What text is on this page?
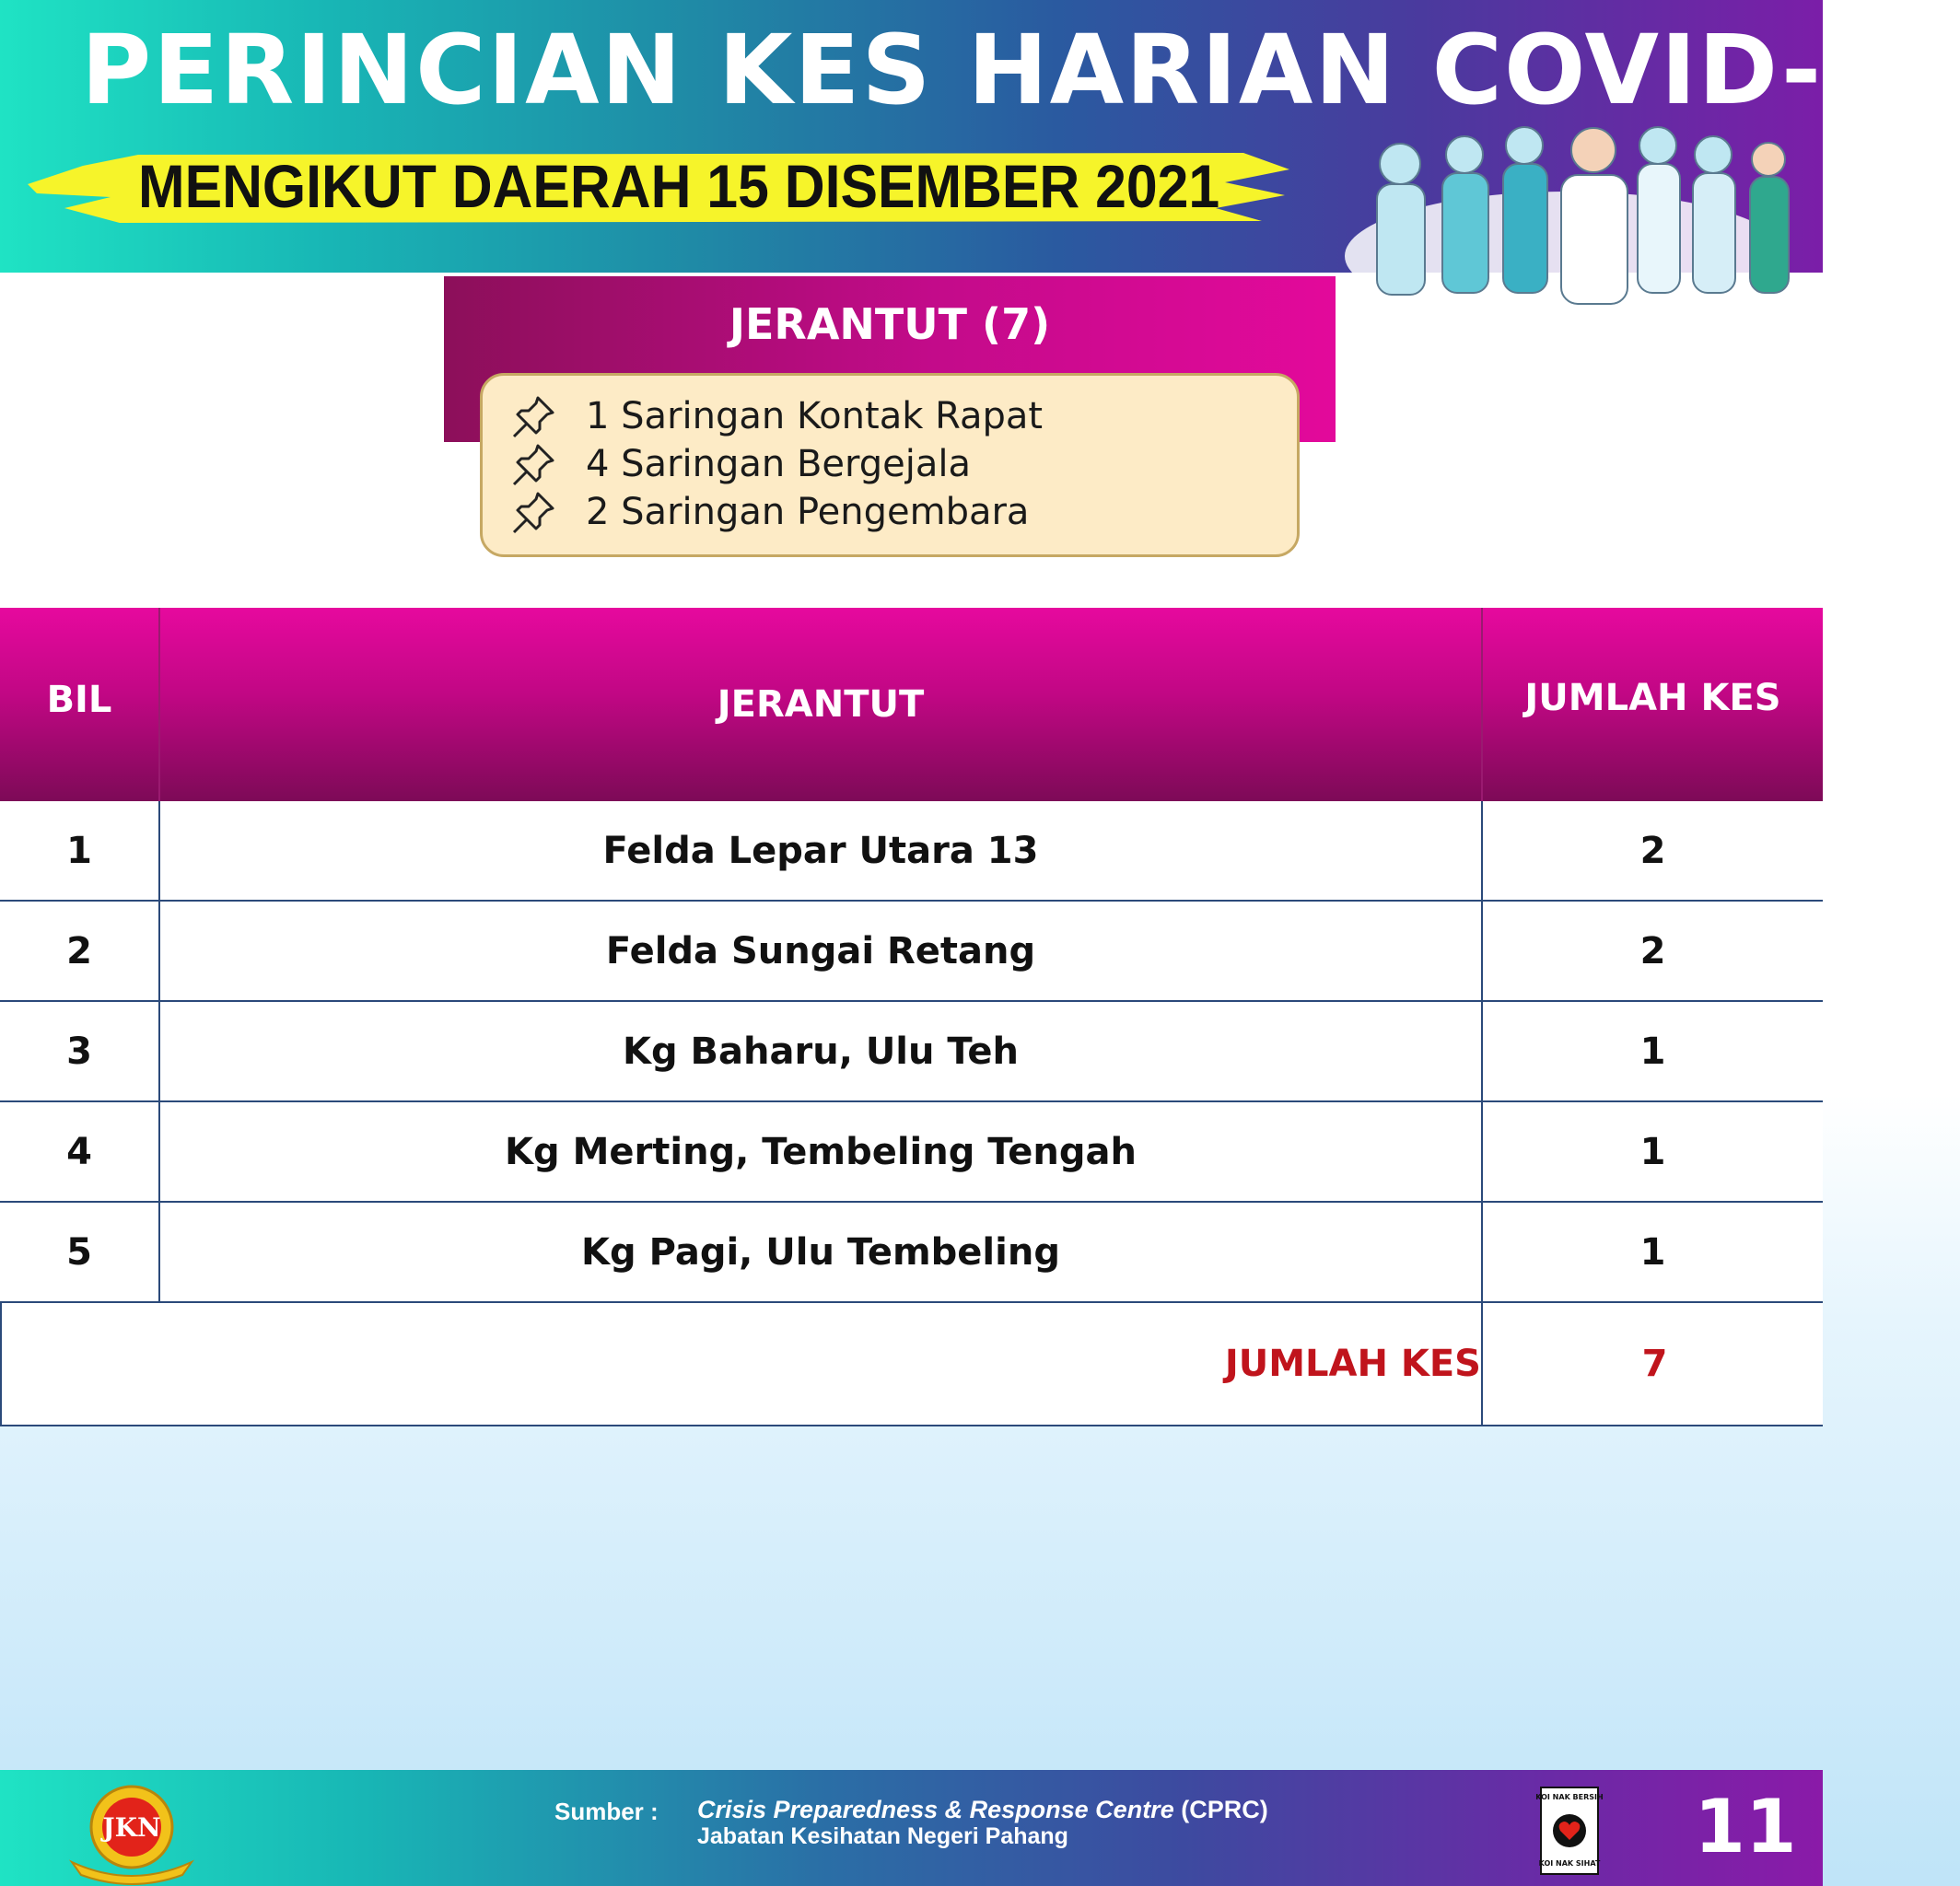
PERINCIAN KES HARIAN COVID-19
MENGIKUT DAERAH 15 DISEMBER 2021
JERANTUT (7)
1 Saringan Kontak Rapat
4 Saringan Bergejala
2 Saringan Pengembara
BIL	JERANTUT	JUMLAH KES
1	Felda Lepar Utara 13	2
2	Felda Sungai Retang	2
3	Kg Baharu, Ulu Teh	1
4	Kg Merting, Tembeling Tengah	1
5	Kg Pagi, Ulu Tembeling	1
JUMLAH KES	7
JKN
Sumber : Crisis Preparedness & Response Centre (CPRC)
Jabatan Kesihatan Negeri Pahang
KOI NAK BERSIH
KOI NAK SIHAT 11
